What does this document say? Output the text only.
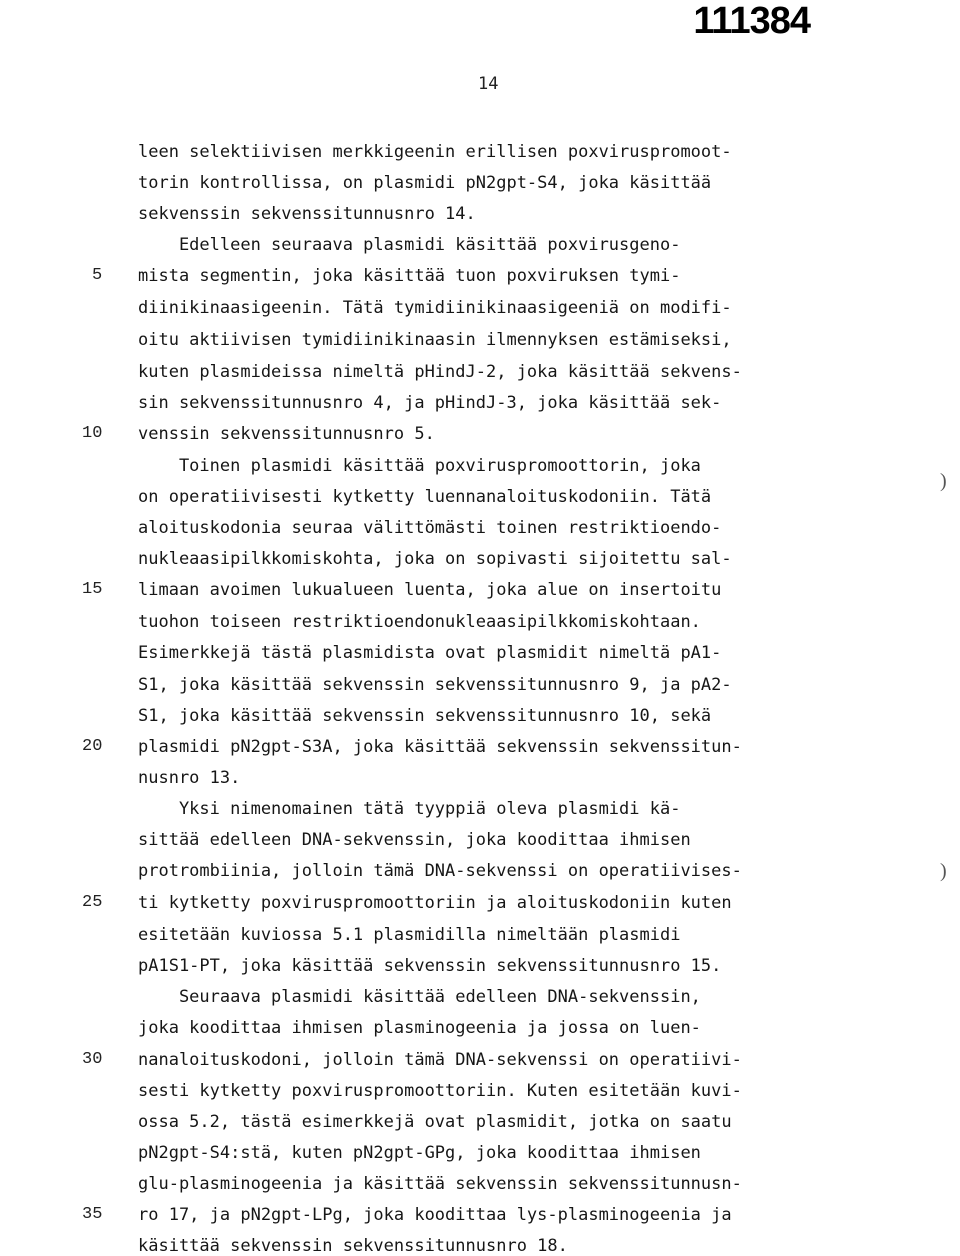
111384
14
leen selektiivisen merkkigeenin erillisen poxviruspromoot-
torin kontrollissa, on plasmidi pN2gpt-S4, joka käsittää
sekvenssin sekvenssitunnusnro 14.
Edelleen seuraava plasmidi käsittää poxvirusgeno-
mista segmentin, joka käsittää tuon poxviruksen tymi-
diinikinaasigeenin. Tätä tymidiinikinaasigeeniä on modifi-
oitu aktiivisen tymidiinikinaasin ilmennyksen estämiseksi,
kuten plasmideissa nimeltä pHindJ-2, joka käsittää sekvens-
sin sekvenssitunnusnro 4, ja pHindJ-3, joka käsittää sek-
venssin sekvenssitunnusnro 5.
Toinen plasmidi käsittää poxviruspromoottorin, joka
on operatiivisesti kytketty luennanaloituskodoniin. Tätä
aloituskodonia seuraa välittömästi toinen restriktioendo-
nukleaasipilkkomiskohta, joka on sopivasti sijoitettu sal-
limaan avoimen lukualueen luenta, joka alue on insertoitu
tuohon toiseen restriktioendonukleaasipilkkomiskohtaan.
Esimerkkejä tästä plasmidista ovat plasmidit nimeltä pA1-
S1, joka käsittää sekvenssin sekvenssitunnusnro 9, ja pA2-
S1, joka käsittää sekvenssin sekvenssitunnusnro 10, sekä
plasmidi pN2gpt-S3A, joka käsittää sekvenssin sekvenssitun-
nusnro 13.
Yksi nimenomainen tätä tyyppiä oleva plasmidi kä-
sittää edelleen DNA-sekvenssin, joka koodittaa ihmisen
protrombiinia, jolloin tämä DNA-sekvenssi on operatiivises-
ti kytketty poxviruspromoottoriin ja aloituskodoniin kuten
esitetään kuviossa 5.1 plasmidilla nimeltään plasmidi
pA1S1-PT, joka käsittää sekvenssin sekvenssitunnusnro 15.
Seuraava plasmidi käsittää edelleen DNA-sekvenssin,
joka koodittaa ihmisen plasminogeenia ja jossa on luen-
nanaloituskodoni, jolloin tämä DNA-sekvenssi on operatiivi-
sesti kytketty poxviruspromoottoriin. Kuten esitetään kuvi-
ossa 5.2, tästä esimerkkejä ovat plasmidit, jotka on saatu
pN2gpt-S4:stä, kuten pN2gpt-GPg, joka koodittaa ihmisen
glu-plasminogeenia ja käsittää sekvenssin sekvenssitunnusn-
ro 17, ja pN2gpt-LPg, joka koodittaa lys-plasminogeenia ja
käsittää sekvenssin sekvenssitunnusnro 18.
5
10
15
20
25
30
35
)
)
